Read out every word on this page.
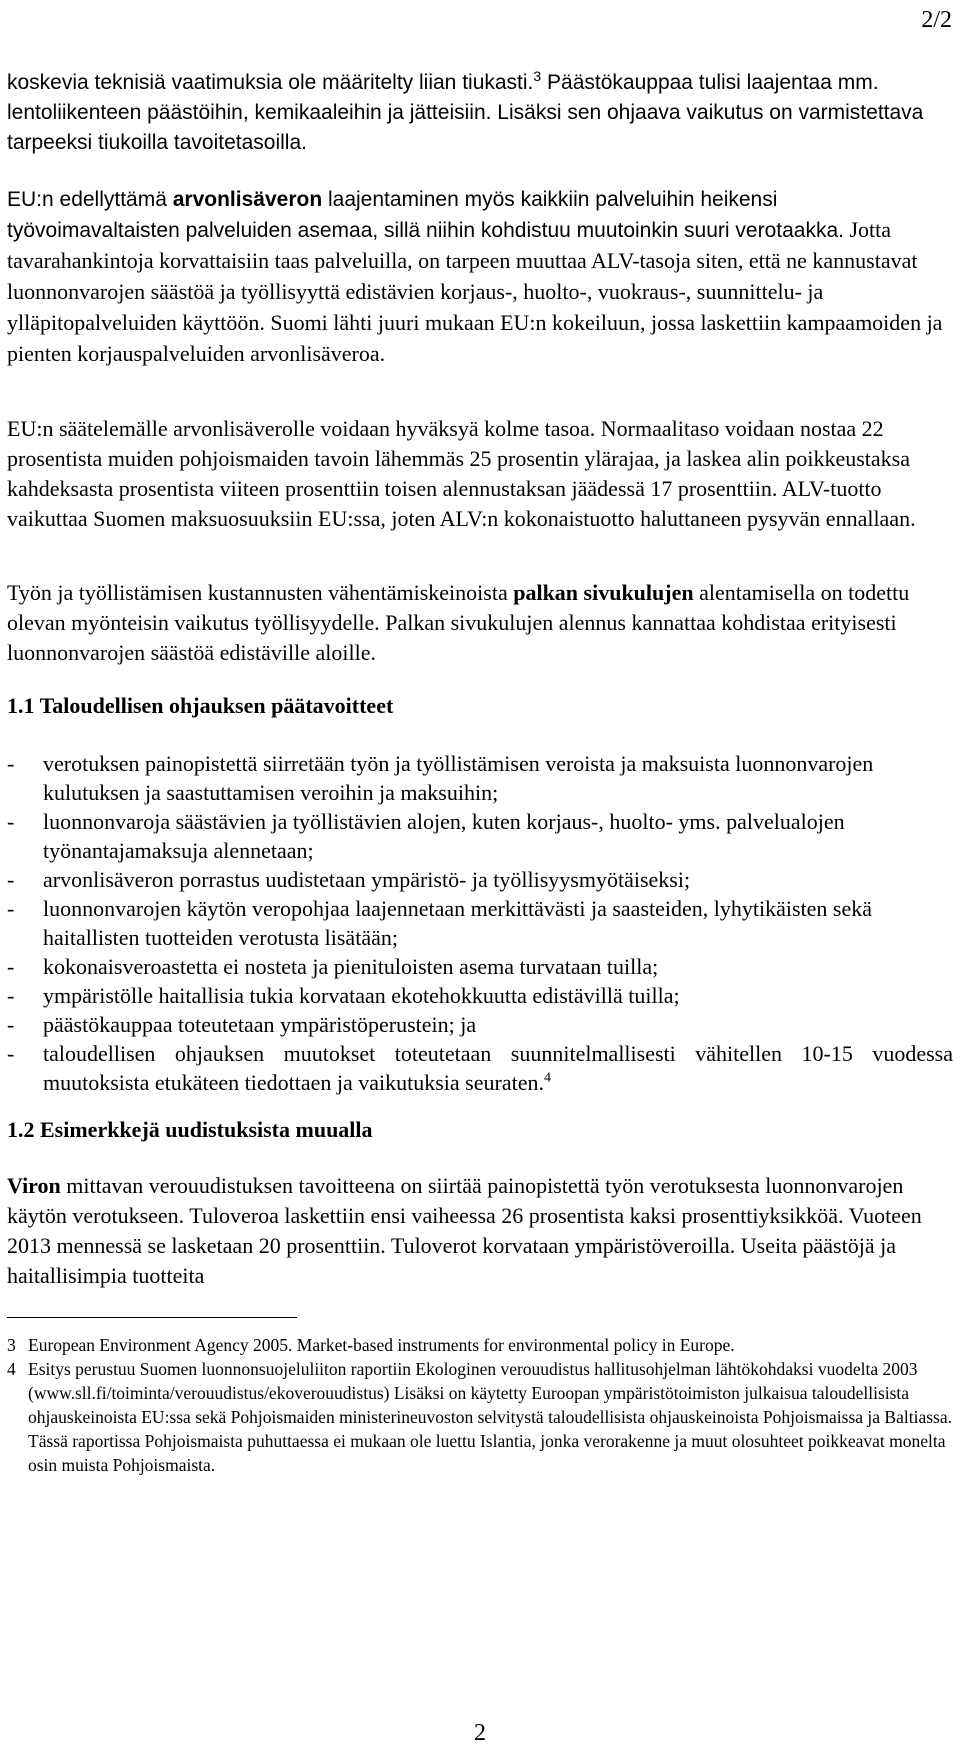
2/2

koskevia teknisiä vaatimuksia ole määritelty liian tiukasti.$^3$ Päästökauppaa tulisi laajentaa mm. lentoliikenteen päästöihin, kemikaaleihin ja jätteisiin. Lisäksi sen ohjaava vaikutus on varmistettava tarpeeksi tiukoilla tavoitetasoilla.

EU:n edellyttämä arvonlisäveron laajentaminen myös kaikkiin palveluihin heikensi työvoimavaltaisten palveluiden asemaa, sillä niihin kohdistuu muutoinkin suuri verotaakka. Jotta tavarahankintoja korvattaisiin taas palveluilla, on tarpeen muuttaa ALV-tasoja siten, että ne kannustavat luonnonvarojen säästöä ja työllisyyttä edistävien korjaus-, huolto-, vuokraus-, suunnittelu- ja ylläpitopalveluiden käyttöön. Suomi lähti juuri mukaan EU:n kokeiluun, jossa laskettiin kampaamoiden ja pienten korjauspalveluiden arvonlisäveroa.

EU:n säätelemälle arvonlisäverolle voidaan hyväksyä kolme tasoa. Normaalitaso voidaan nostaa 22 prosentista muiden pohjoismaiden tavoin lähemmäs 25 prosentin ylärajaa, ja laskea alin poikkeustaksa kahdeksasta prosentista viiteen prosenttiin toisen alennustaksan jäädessä 17 prosenttiin. ALV-tuotto vaikuttaa Suomen maksuosuuksiin EU:ssa, joten ALV:n kokonaistuotto haluttaneen pysyvän ennallaan.

Työn ja työllistämisen kustannusten vähentämiskeinoista palkan sivukulujen alentamisella on todettu olevan myönteisin vaikutus työllisyydelle. Palkan sivukulujen alennus kannattaa kohdistaa erityisesti luonnonvarojen säästöä edistäville aloille.

1.1 Taloudellisen ohjauksen päätavoitteet
- verotuksen painopistettä siirretään työn ja työllistämisen veroista ja maksuista luonnonvarojen kulutuksen ja saastuttamisen veroihin ja maksuihin;
- luonnonvaroja säästävien ja työllistävien alojen, kuten korjaus-, huolto- yms. palvelualojen työnantajamaksuja alennetaan;
- arvonlisäveron porrastus uudistetaan ympäristö- ja työllisyysmyötäiseksi;
- luonnonvarojen käytön veropohjaa laajennetaan merkittävästi ja saasteiden, lyhytikäisten sekä haitallisten tuotteiden verotusta lisätään;
- kokonaisveroastetta ei nosteta ja pienituloisten asema turvataan tuilla;
- ympäristölle haitallisia tukia korvataan ekotehokkuutta edistävillä tuilla;
- päästökauppaa toteutetaan ympäristöperustein; ja
- taloudellisen ohjauksen muutokset toteutetaan suunnitelmallisesti vähitellen 10-15 vuodessa muutoksista etukäteen tiedottaen ja vaikutuksia seuraten.$^4$
1.2 Esimerkkejä uudistuksista muualla

Viron mittavan verouudistuksen tavoitteena on siirtää painopistettä työn verotuksesta luonnonvarojen käytön verotukseen. Tuloveroa laskettiin ensi vaiheessa 26 prosentista kaksi prosenttiyksikköä. Vuoteen 2013 mennessä se lasketaan 20 prosenttiin. Tuloverot korvataan ympäristöveroilla. Useita päästöjä ja haitallisimpia tuotteita

3 European Environment Agency 2005. Market-based instruments for environmental policy in Europe.
4 Esitys perustuu Suomen luonnonsuojeluliiton raportiin Ekologinen verouudistus hallitusohjelman lähtökohdaksi vuodelta 2003 (www.sll.fi/toiminta/verouudistus/ekoverouudistus) Lisäksi on käytetty Euroopan ympäristötoimiston julkaisua taloudellisista ohjauskeinoista EU:ssa sekä Pohjoismaiden ministerineuvoston selvitystä taloudellisista ohjauskeinoista Pohjoismaissa ja Baltiassa. Tässä raportissa Pohjoismaista puhuttaessa ei mukaan ole luettu Islantia, jonka verorakenne ja muut olosuhteet poikkeavat monelta osin muista Pohjoismaista.
2
